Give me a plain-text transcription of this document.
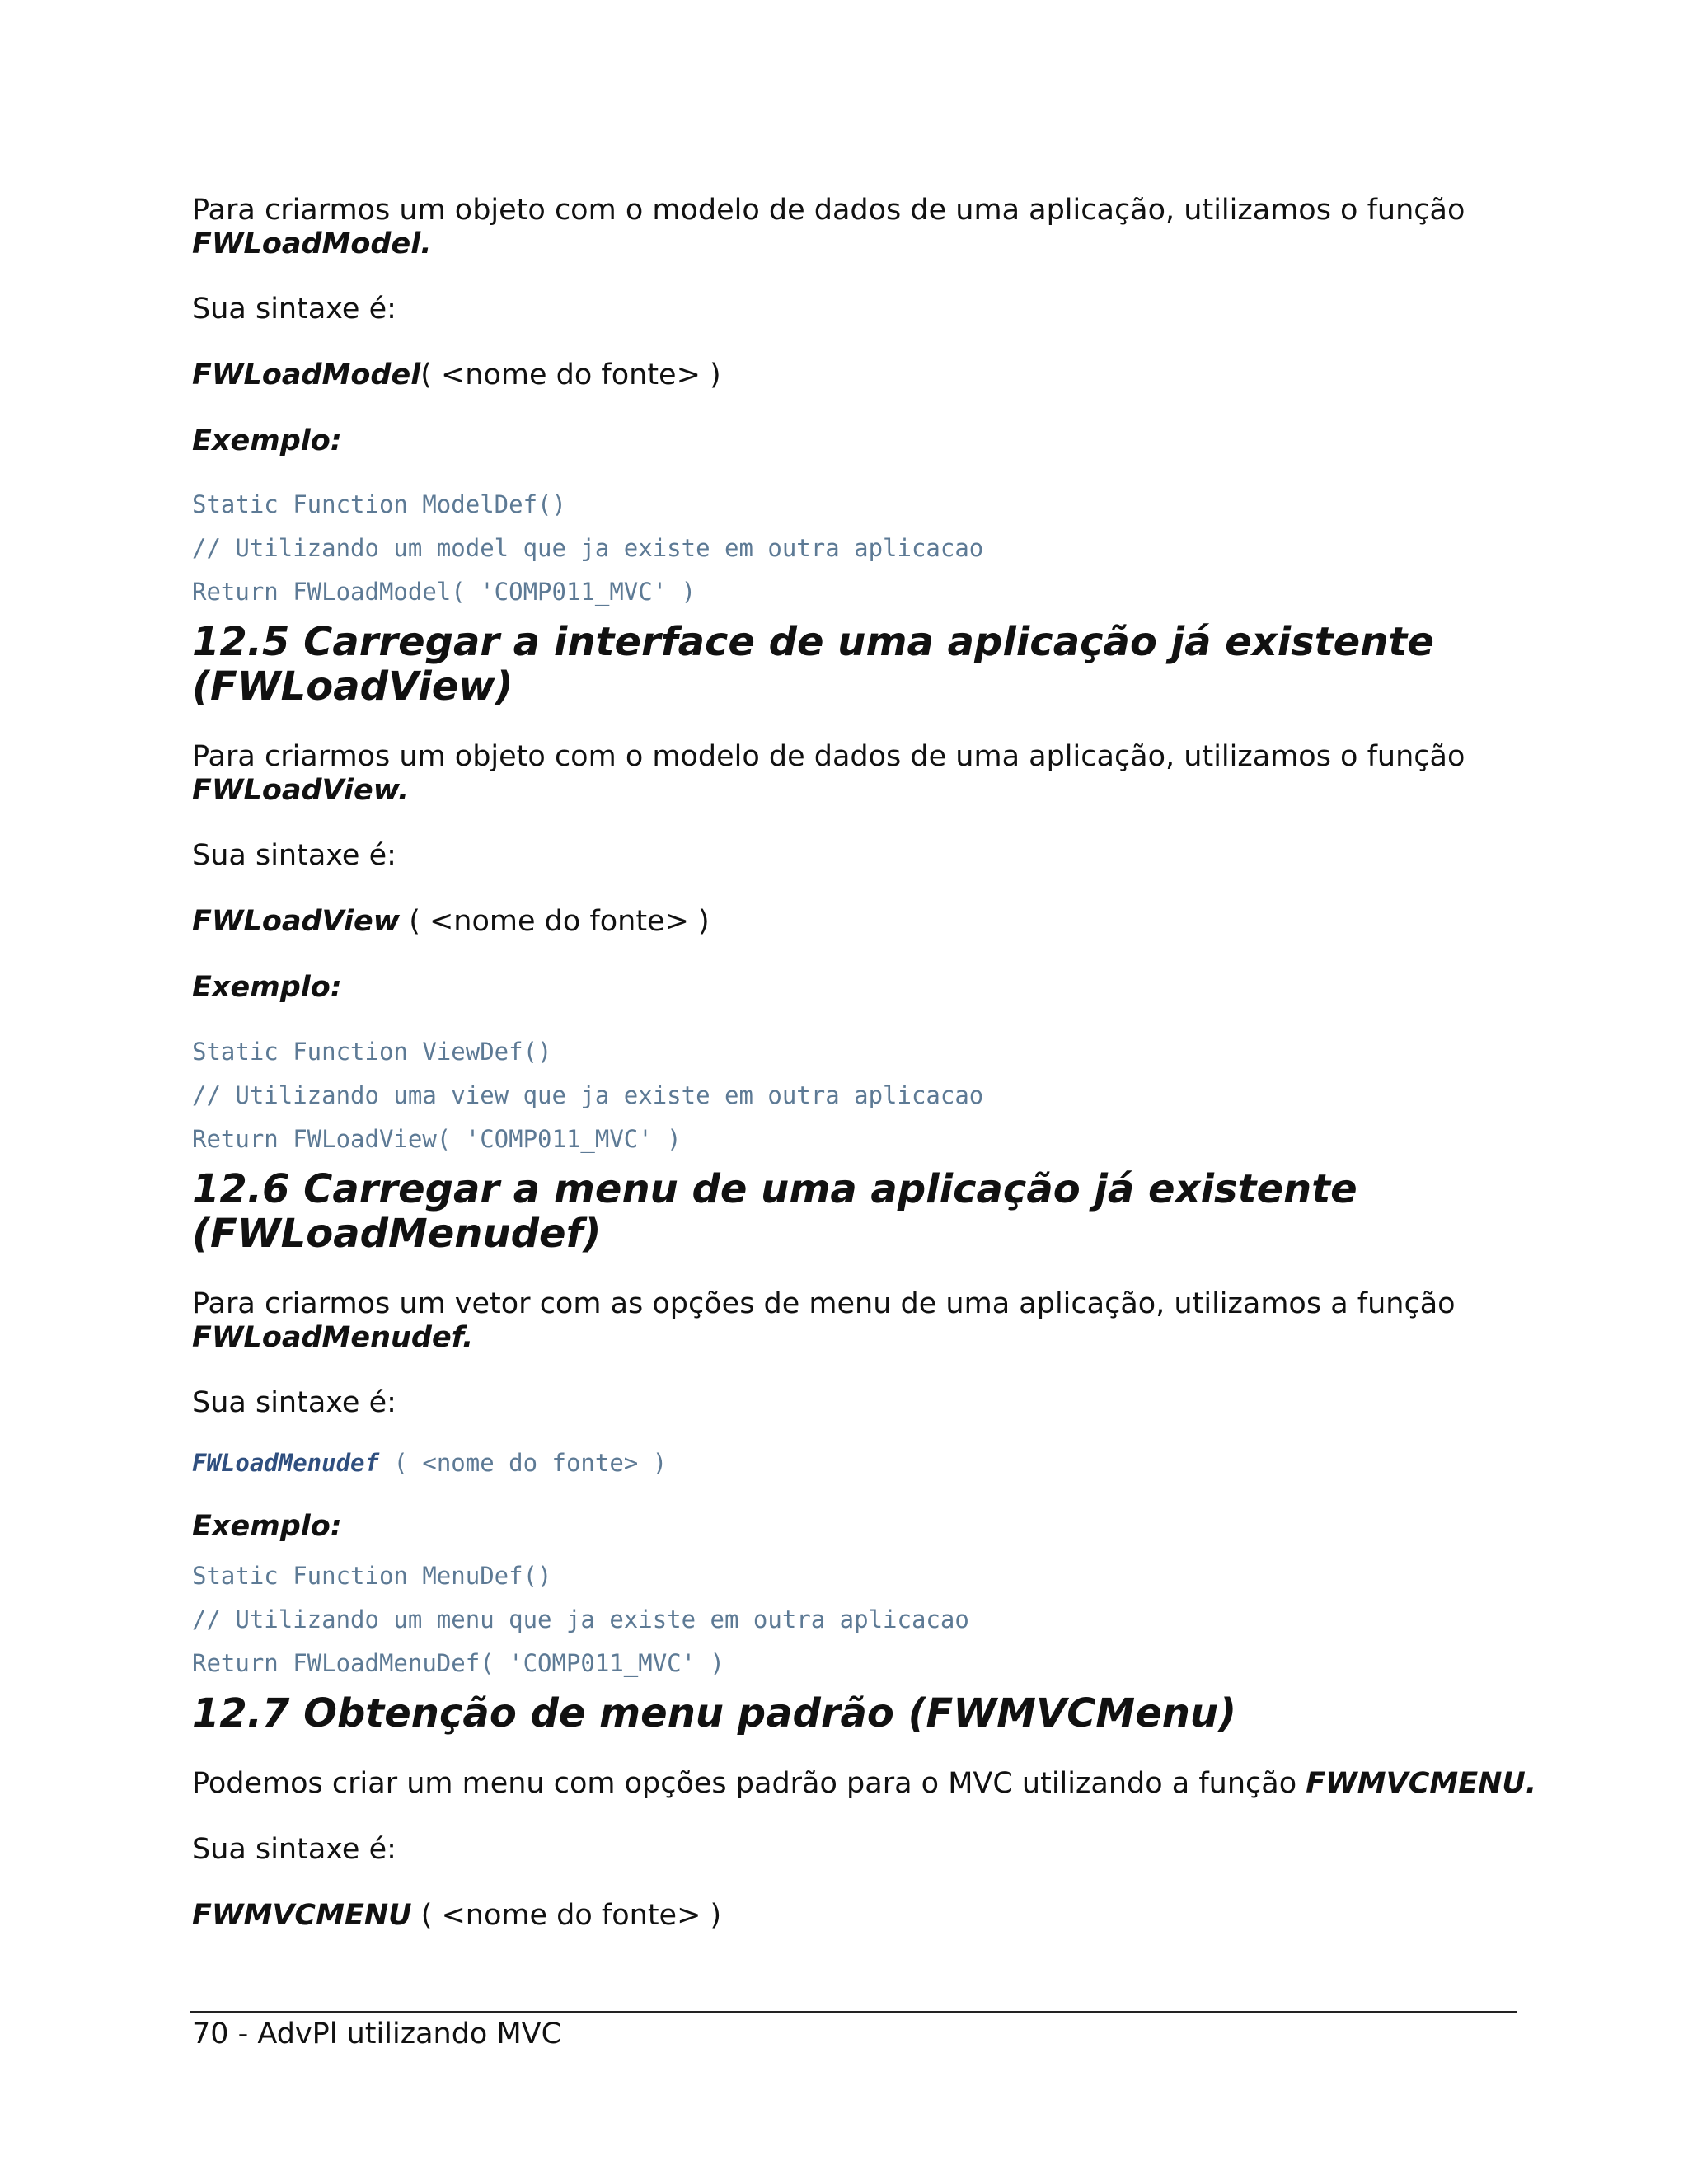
Para criarmos um objeto com o modelo de dados de uma aplicação, utilizamos o função
FWLoadModel.

Sua sintaxe é:

FWLoadModel( <nome do fonte> )

Exemplo:

Static Function ModelDef()
// Utilizando um model que ja existe em outra aplicacao
Return FWLoadModel( 'COMP011_MVC' )
12.5 Carregar a interface de uma aplicação já existente
(FWLoadView)

Para criarmos um objeto com o modelo de dados de uma aplicação, utilizamos o função
FWLoadView.

Sua sintaxe é:

FWLoadView ( <nome do fonte> )

Exemplo:

Static Function ViewDef()
// Utilizando uma view que ja existe em outra aplicacao
Return FWLoadView( 'COMP011_MVC' )
12.6 Carregar a menu de uma aplicação já existente
(FWLoadMenudef)

Para criarmos um vetor com as opções de menu de uma aplicação, utilizamos a função
FWLoadMenudef.

Sua sintaxe é:

FWLoadMenudef ( <nome do fonte> )

Exemplo:

Static Function MenuDef()
// Utilizando um menu que ja existe em outra aplicacao
Return FWLoadMenuDef( 'COMP011_MVC' )
12.7 Obtenção de menu padrão (FWMVCMenu)

Podemos criar um menu com opções padrão para o MVC utilizando a função FWMVCMENU.

Sua sintaxe é:

FWMVCMENU ( <nome do fonte> )

70 - AdvPl utilizando MVC
